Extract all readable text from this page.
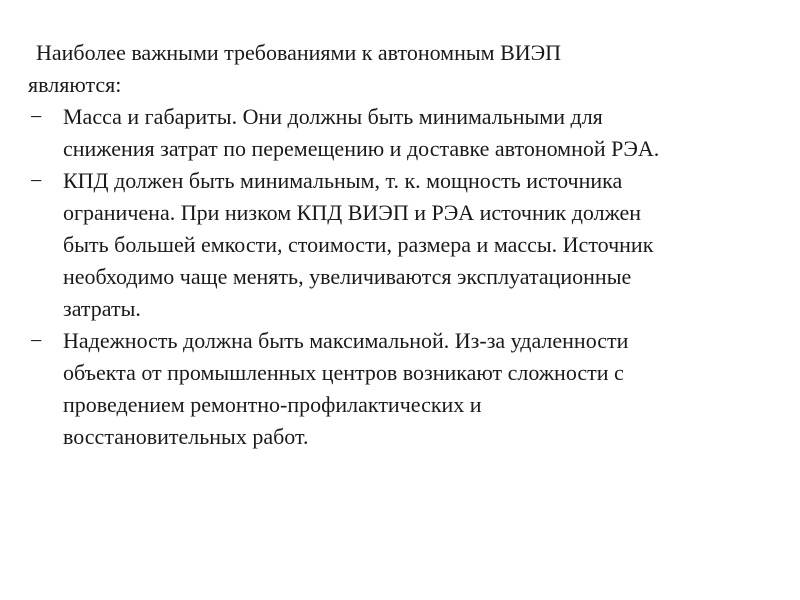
Наиболее важными требованиями к автономным ВИЭП
являются:

− Масса и габариты. Они должны быть минимальными для
снижения затрат по перемещению и доставке автономной РЭА.
− КПД должен быть минимальным, т. к. мощность источника
ограничена. При низком КПД ВИЭП и РЭА источник должен
быть большей емкости, стоимости, размера и массы. Источник
необходимо чаще менять, увеличиваются эксплуатационные
затраты.
− Надежность должна быть максимальной. Из-за удаленности
объекта от промышленных центров возникают сложности с
проведением ремонтно-профилактических и
восстановительных работ.
